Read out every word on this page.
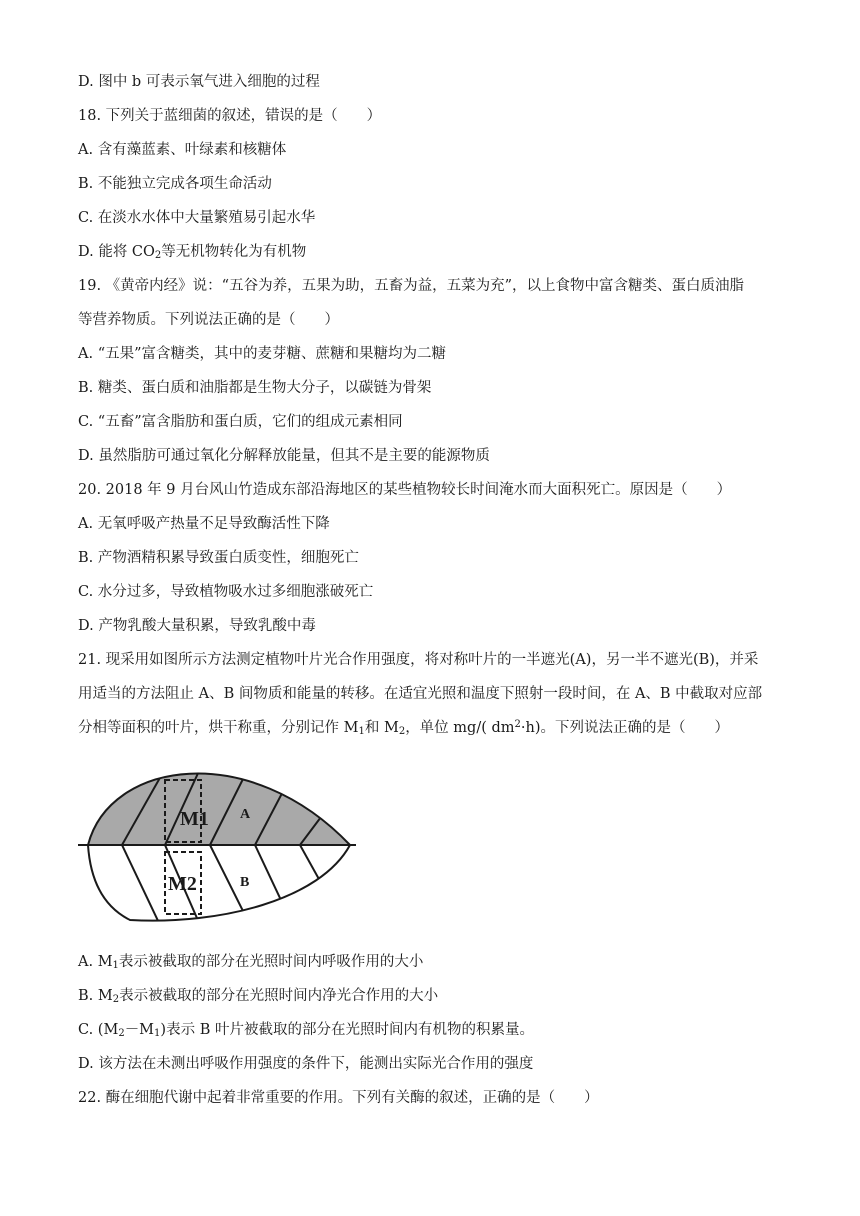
D. 图中 b 可表示氧气进入细胞的过程
18. 下列关于蓝细菌的叙述，错误的是（　　）
A. 含有藻蓝素、叶绿素和核糖体
B. 不能独立完成各项生命活动
C. 在淡水水体中大量繁殖易引起水华
D. 能将 $CO_2$等无机物转化为有机物
19. 《黄帝内经》说：“五谷为养，五果为助，五畜为益，五菜为充”，以上食物中富含糖类、蛋白质油脂
等营养物质。下列说法正确的是（　　）
A. “五果”富含糖类，其中的麦芽糖、蔗糖和果糖均为二糖
B. 糖类、蛋白质和油脂都是生物大分子，以碳链为骨架
C. “五畜”富含脂肪和蛋白质，它们的组成元素相同
D. 虽然脂肪可通过氧化分解释放能量，但其不是主要的能源物质
20. 2018 年 9 月台风山竹造成东部沿海地区的某些植物较长时间淹水而大面积死亡。原因是（　　）
A. 无氧呼吸产热量不足导致酶活性下降
B. 产物酒精积累导致蛋白质变性，细胞死亡
C. 水分过多，导致植物吸水过多细胞涨破死亡
D. 产物乳酸大量积累，导致乳酸中毒
21. 现采用如图所示方法测定植物叶片光合作用强度，将对称叶片的一半遮光(A)，另一半不遮光(B)，并采
用适当的方法阻止 A、B 间物质和能量的转移。在适宜光照和温度下照射一段时间，在 A、B 中截取对应部
分相等面积的叶片，烘干称重，分别记作 $M_1$和 $M_2$，单位 mg/( $dm^2\cdot h$)。下列说法正确的是（　　）
M1 A
M2	B
A. $M_1$表示被截取的部分在光照时间内呼吸作用的大小
B. $M_2$表示被截取的部分在光照时间内净光合作用的大小
C. $(M_2-M_1)$表示 B 叶片被截取的部分在光照时间内有机物的积累量。
D. 该方法在未测出呼吸作用强度的条件下，能测出实际光合作用的强度
22. 酶在细胞代谢中起着非常重要的作用。下列有关酶的叙述，正确的是（　　）
